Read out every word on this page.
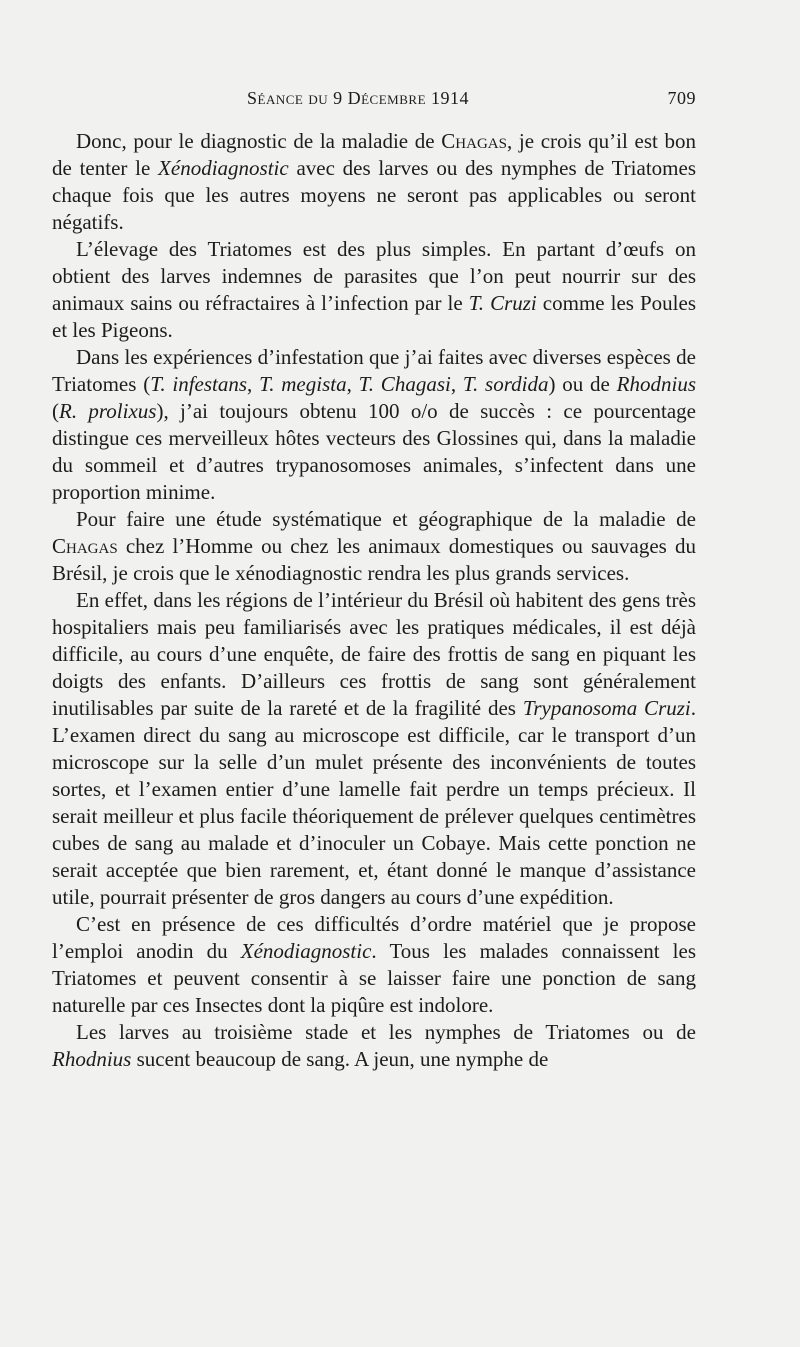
Séance du 9 Décembre 1914	709

Donc, pour le diagnostic de la maladie de Chagas, je crois qu’il est bon de tenter le Xénodiagnostic avec des larves ou des nymphes de Triatomes chaque fois que les autres moyens ne seront pas applicables ou seront négatifs.

L’élevage des Triatomes est des plus simples. En partant d’œufs on obtient des larves indemnes de parasites que l’on peut nourrir sur des animaux sains ou réfractaires à l’infection par le T. Cruzi comme les Poules et les Pigeons.

Dans les expériences d’infestation que j’ai faites avec diverses espèces de Triatomes (T. infestans, T. megista, T. Chagasi, T. sordida) ou de Rhodnius (R. prolixus), j’ai toujours obtenu 100 o/o de succès : ce pourcentage distingue ces merveilleux hôtes vecteurs des Glossines qui, dans la maladie du sommeil et d’autres trypanosomoses animales, s’infectent dans une proportion minime.

Pour faire une étude systématique et géographique de la maladie de Chagas chez l’Homme ou chez les animaux domestiques ou sauvages du Brésil, je crois que le xénodiagnostic rendra les plus grands services.

En effet, dans les régions de l’intérieur du Brésil où habitent des gens très hospitaliers mais peu familiarisés avec les pratiques médicales, il est déjà difficile, au cours d’une enquête, de faire des frottis de sang en piquant les doigts des enfants. D’ailleurs ces frottis de sang sont généralement inutilisables par suite de la rareté et de la fragilité des Trypanosoma Cruzi. L’examen direct du sang au microscope est difficile, car le transport d’un microscope sur la selle d’un mulet présente des inconvénients de toutes sortes, et l’examen entier d’une lamelle fait perdre un temps précieux. Il serait meilleur et plus facile théoriquement de prélever quelques centimètres cubes de sang au malade et d’inoculer un Cobaye. Mais cette ponction ne serait acceptée que bien rarement, et, étant donné le manque d’assistance utile, pourrait présenter de gros dangers au cours d’une expédition.

C’est en présence de ces difficultés d’ordre matériel que je propose l’emploi anodin du Xénodiagnostic. Tous les malades connaissent les Triatomes et peuvent consentir à se laisser faire une ponction de sang naturelle par ces Insectes dont la piqûre est indolore.

Les larves au troisième stade et les nymphes de Triatomes ou de Rhodnius sucent beaucoup de sang. A jeun, une nymphe de
